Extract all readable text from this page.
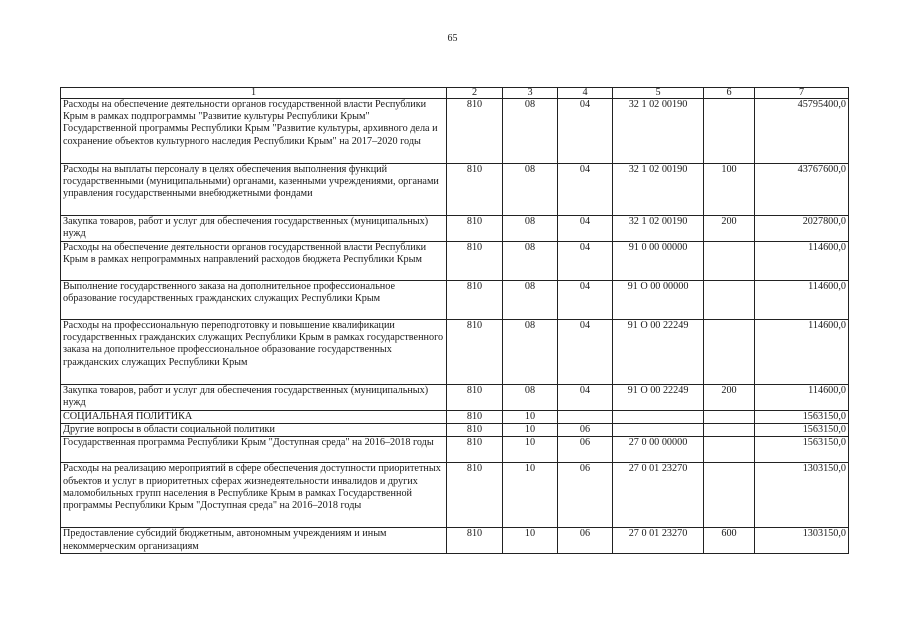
65
1	2	3	4	5	6	7
Расходы на обеспечение деятельности органов государственной власти Республики Крым в рамках подпрограммы "Развитие культуры Республики Крым" Государственной программы Республики Крым "Развитие культуры, архивного дела и сохранение объектов культурного наследия Республики Крым" на 2017–2020 годы	810	08	04	32 1 02 00190		45795400,0
Расходы на выплаты персоналу в целях обеспечения выполнения функций государственными (муниципальными) органами, казенными учреждениями, органами управления государственными внебюджетными фондами	810	08	04	32 1 02 00190	100	43767600,0
Закупка товаров, работ и услуг для обеспечения государственных (муниципальных) нужд	810	08	04	32 1 02 00190	200	2027800,0
Расходы на обеспечение деятельности органов государственной власти Республики Крым в рамках непрограммных направлений расходов бюджета Республики Крым	810	08	04	91 0 00 00000		114600,0
Выполнение государственного заказа на дополнительное профессиональное образование государственных гражданских служащих Республики Крым	810	08	04	91 О 00 00000		114600,0
Расходы на профессиональную переподготовку и повышение квалификации государственных гражданских служащих Республики Крым в рамках государственного заказа на дополнительное профессиональное образование государственных гражданских служащих Республики Крым	810	08	04	91 О 00 22249		114600,0
Закупка товаров, работ и услуг для обеспечения государственных (муниципальных) нужд	810	08	04	91 О 00 22249	200	114600,0
СОЦИАЛЬНАЯ ПОЛИТИКА	810	10				1563150,0
Другие вопросы в области социальной политики	810	10	06			1563150,0
Государственная программа Республики Крым "Доступная среда" на 2016–2018 годы	810	10	06	27 0 00 00000		1563150,0
Расходы на реализацию мероприятий в сфере обеспечения доступности приоритетных объектов и услуг в приоритетных сферах жизнедеятельности инвалидов и других маломобильных групп населения в Республике Крым в рамках Государственной программы Республики Крым "Доступная среда" на 2016–2018 годы	810	10	06	27 0 01 23270		1303150,0
Предоставление субсидий бюджетным, автономным учреждениям и иным некоммерческим организациям	810	10	06	27 0 01 23270	600	1303150,0
